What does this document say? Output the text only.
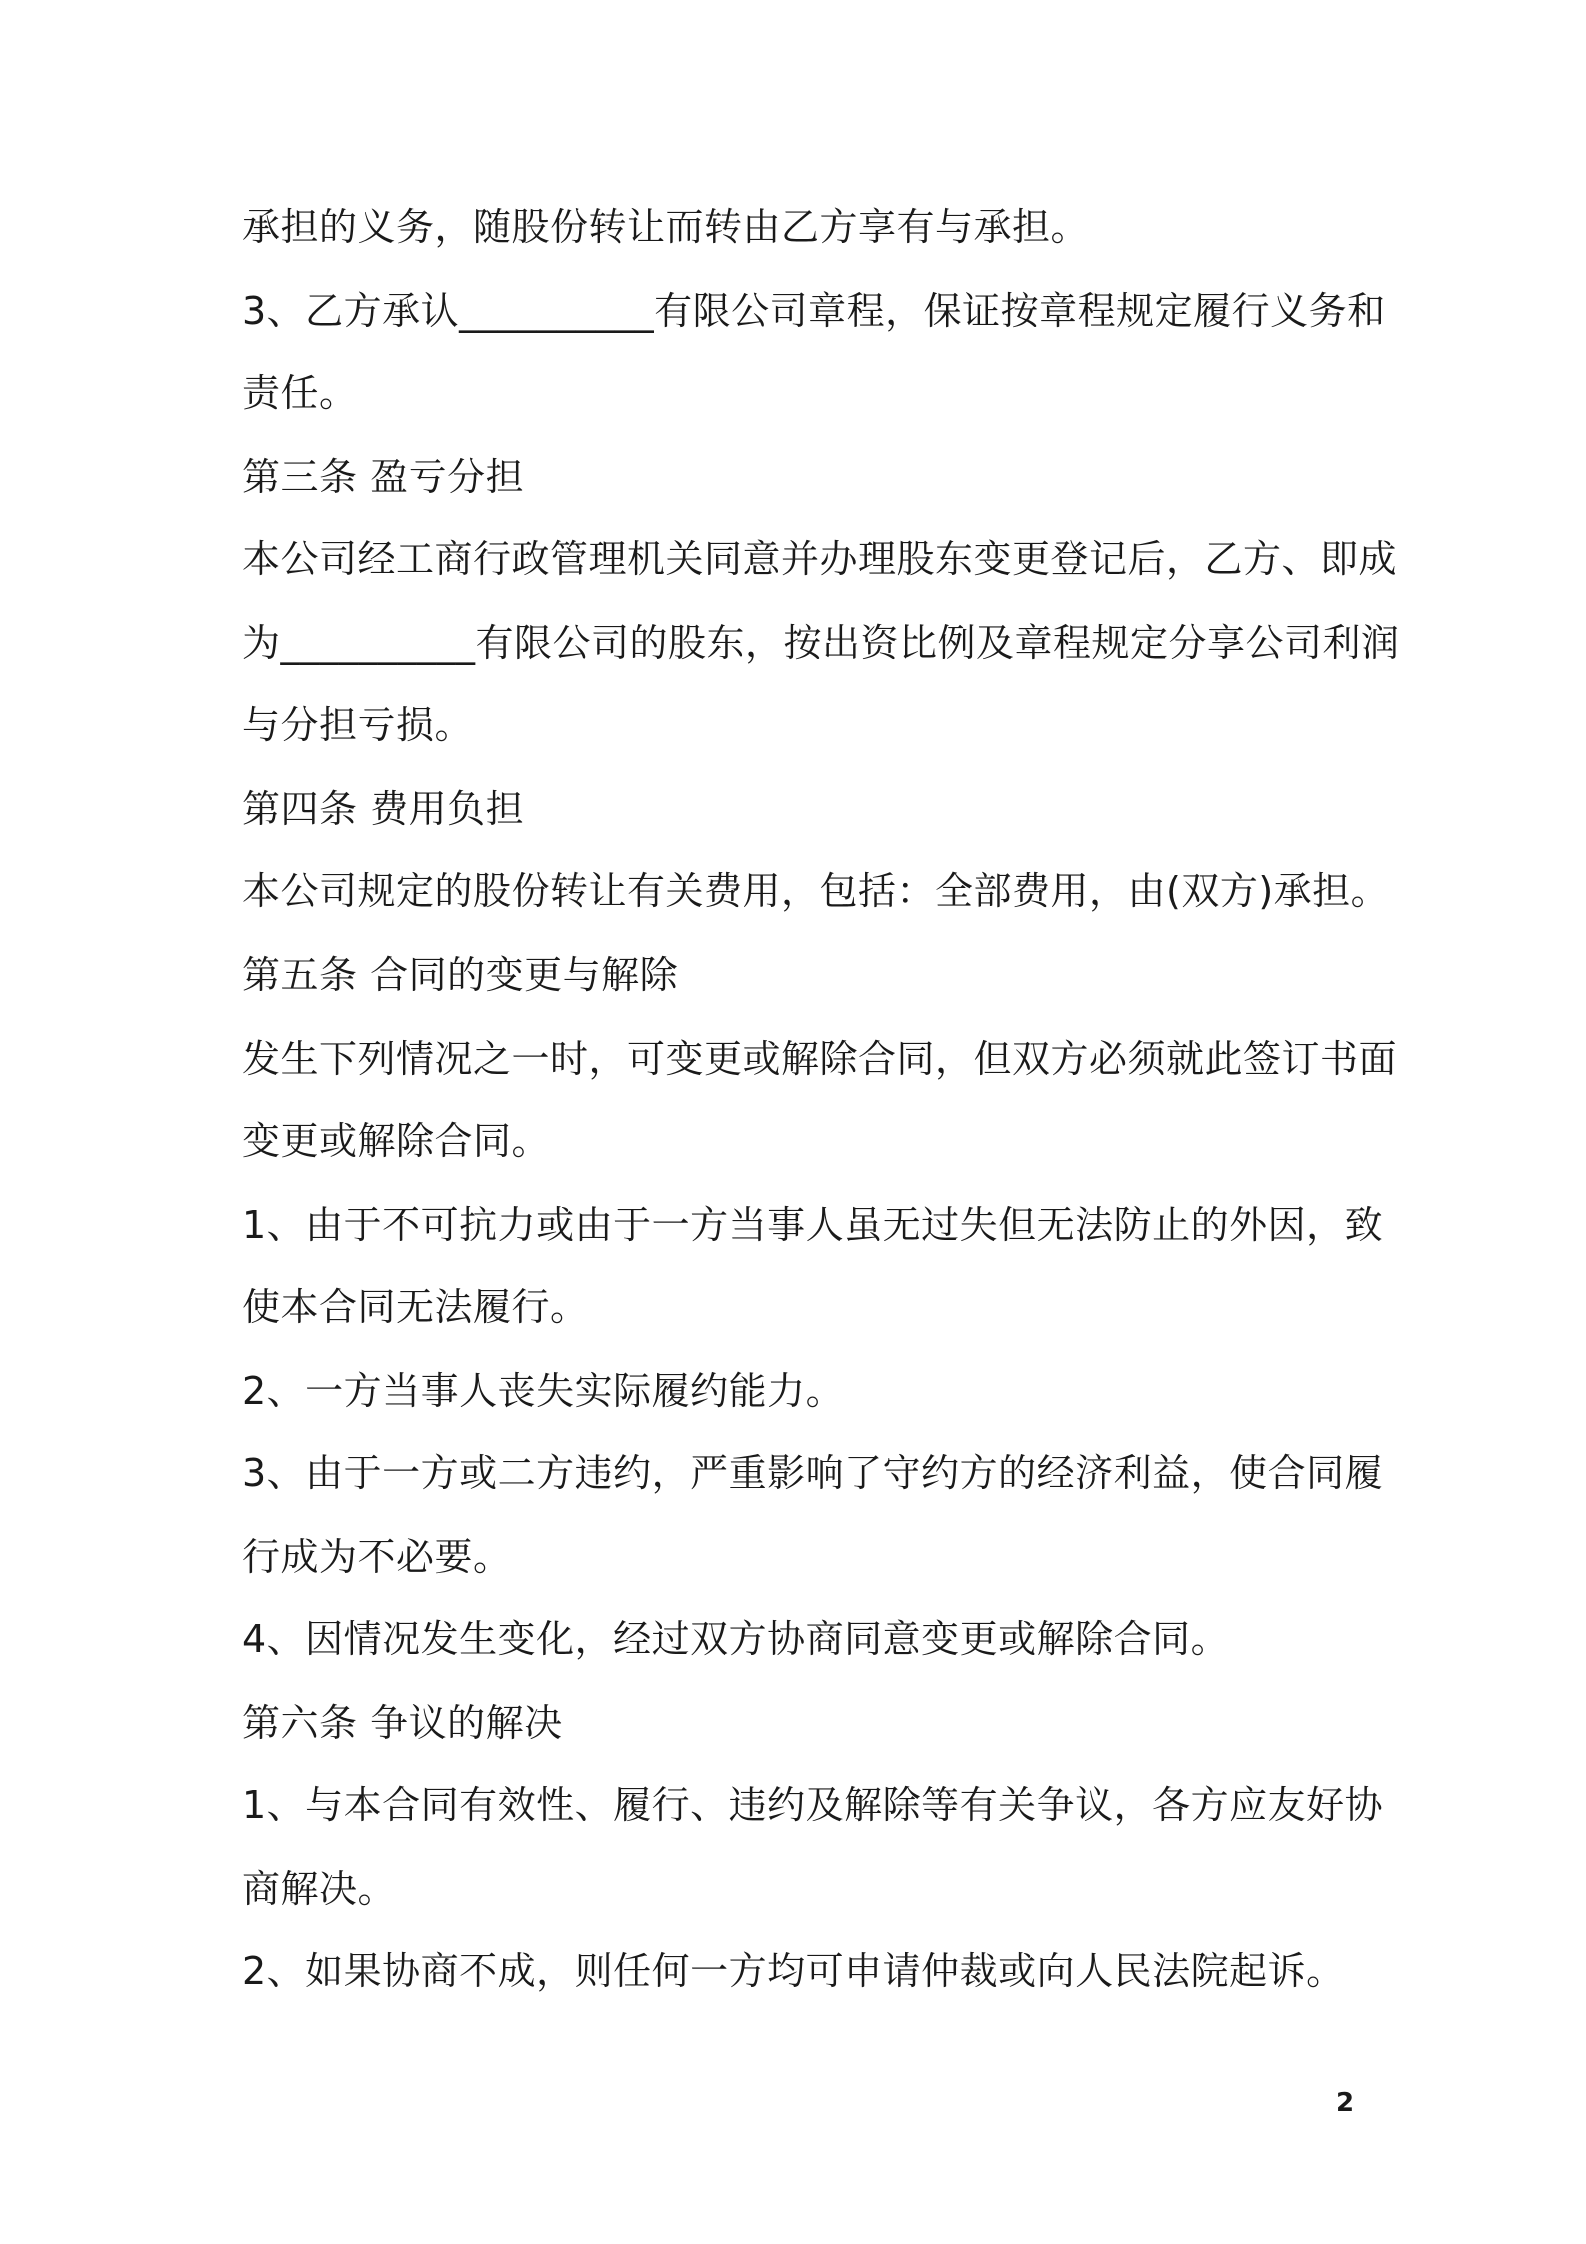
承担的义务，随股份转让而转由乙方享有与承担。
3、乙方承认__________有限公司章程，保证按章程规定履行义务和
责任。
第三条 盈亏分担
本公司经工商行政管理机关同意并办理股东变更登记后，乙方、即成
为__________有限公司的股东，按出资比例及章程规定分享公司利润
与分担亏损。
第四条 费用负担
本公司规定的股份转让有关费用，包括：全部费用，由(双方)承担。
第五条 合同的变更与解除
发生下列情况之一时，可变更或解除合同，但双方必须就此签订书面
变更或解除合同。
1、由于不可抗力或由于一方当事人虽无过失但无法防止的外因，致
使本合同无法履行。
2、一方当事人丧失实际履约能力。
3、由于一方或二方违约，严重影响了守约方的经济利益，使合同履
行成为不必要。
4、因情况发生变化，经过双方协商同意变更或解除合同。
第六条 争议的解决
1、与本合同有效性、履行、违约及解除等有关争议，各方应友好协
商解决。
2、如果协商不成，则任何一方均可申请仲裁或向人民法院起诉。
2
